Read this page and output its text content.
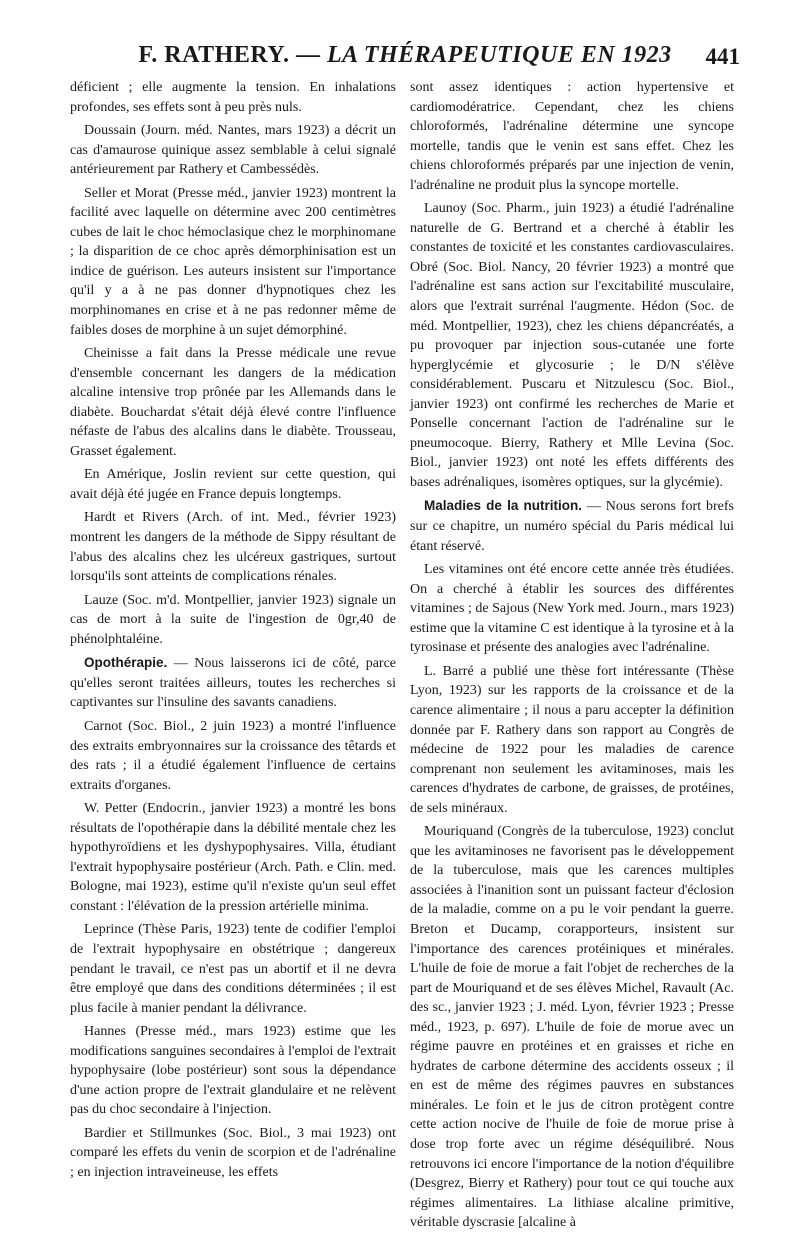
F. RATHERY. — LA THÉRAPEUTIQUE EN 1923	441

déficient ; elle augmente la tension. En inhalations profondes, ses effets sont à peu près nuls.

Doussain (Journ. méd. Nantes, mars 1923) a décrit un cas d'amaurose quinique assez semblable à celui signalé antérieurement par Rathery et Cambessédès.

Seller et Morat (Presse méd., janvier 1923) montrent la facilité avec laquelle on détermine avec 200 centimètres cubes de lait le choc hémoclasique chez le morphinomane ; la disparition de ce choc après démorphinisation est un indice de guérison. Les auteurs insistent sur l'importance qu'il y a à ne pas donner d'hypnotiques chez les morphinomanes en crise et à ne pas redonner même de faibles doses de morphine à un sujet démorphiné.

Cheinisse a fait dans la Presse médicale une revue d'ensemble concernant les dangers de la médication alcaline intensive trop prônée par les Allemands dans le diabète. Bouchardat s'était déjà élevé contre l'influence néfaste de l'abus des alcalins dans le diabète. Trousseau, Grasset également.

En Amérique, Joslin revient sur cette question, qui avait déjà été jugée en France depuis longtemps.

Hardt et Rivers (Arch. of int. Med., février 1923) montrent les dangers de la méthode de Sippy résultant de l'abus des alcalins chez les ulcéreux gastriques, surtout lorsqu'ils sont atteints de complications rénales.

Lauze (Soc. m'd. Montpellier, janvier 1923) signale un cas de mort à la suite de l'ingestion de 0gr,40 de phénolphtaléine.

Opothérapie. — Nous laisserons ici de côté, parce qu'elles seront traitées ailleurs, toutes les recherches si captivantes sur l'insuline des savants canadiens.

Carnot (Soc. Biol., 2 juin 1923) a montré l'influence des extraits embryonnaires sur la croissance des têtards et des rats ; il a étudié également l'influence de certains extraits d'organes.

W. Petter (Endocrin., janvier 1923) a montré les bons résultats de l'opothérapie dans la débilité mentale chez les hypothyroïdiens et les dyshypophysaires. Villa, étudiant l'extrait hypophysaire postérieur (Arch. Path. e Clin. med. Bologne, mai 1923), estime qu'il n'existe qu'un seul effet constant : l'élévation de la pression artérielle minima.

Leprince (Thèse Paris, 1923) tente de codifier l'emploi de l'extrait hypophysaire en obstétrique ; dangereux pendant le travail, ce n'est pas un abortif et il ne devra être employé que dans des conditions déterminées ; il est plus facile à manier pendant la délivrance.

Hannes (Presse méd., mars 1923) estime que les modifications sanguines secondaires à l'emploi de l'extrait hypophysaire (lobe postérieur) sont sous la dépendance d'une action propre de l'extrait glandulaire et ne relèvent pas du choc secondaire à l'injection.

Bardier et Stillmunkes (Soc. Biol., 3 mai 1923) ont comparé les effets du venin de scorpion et de l'adrénaline ; en injection intraveineuse, les effets

sont assez identiques : action hypertensive et cardiomodératrice. Cependant, chez les chiens chloroformés, l'adrénaline détermine une syncope mortelle, tandis que le venin est sans effet. Chez les chiens chloroformés préparés par une injection de venin, l'adrénaline ne produit plus la syncope mortelle.

Launoy (Soc. Pharm., juin 1923) a étudié l'adrénaline naturelle de G. Bertrand et a cherché à établir les constantes de toxicité et les constantes cardiovasculaires. Obré (Soc. Biol. Nancy, 20 février 1923) a montré que l'adrénaline est sans action sur l'excitabilité musculaire, alors que l'extrait surrénal l'augmente. Hédon (Soc. de méd. Montpellier, 1923), chez les chiens dépancréatés, a pu provoquer par injection sous-cutanée une forte hyperglycémie et glycosurie ; le D/N s'élève considérablement. Puscaru et Nitzulescu (Soc. Biol., janvier 1923) ont confirmé les recherches de Marie et Ponselle concernant l'action de l'adrénaline sur le pneumocoque. Bierry, Rathery et Mlle Levina (Soc. Biol., janvier 1923) ont noté les effets différents des bases adrénaliques, isomères optiques, sur la glycémie).

Maladies de la nutrition. — Nous serons fort brefs sur ce chapitre, un numéro spécial du Paris médical lui étant réservé.

Les vitamines ont été encore cette année très étudiées. On a cherché à établir les sources des différentes vitamines ; de Sajous (New York med. Journ., mars 1923) estime que la vitamine C est identique à la tyrosine et à la tyrosinase et présente des analogies avec l'adrénaline.

L. Barré a publié une thèse fort intéressante (Thèse Lyon, 1923) sur les rapports de la croissance et de la carence alimentaire ; il nous a paru accepter la définition donnée par F. Rathery dans son rapport au Congrès de médecine de 1922 pour les maladies de carence comprenant non seulement les avitaminoses, mais les carences d'hydrates de carbone, de graisses, de protéines, de sels minéraux.

Mouriquand (Congrès de la tuberculose, 1923) conclut que les avitaminoses ne favorisent pas le développement de la tuberculose, mais que les carences multiples associées à l'inanition sont un puissant facteur d'éclosion de la maladie, comme on a pu le voir pendant la guerre. Breton et Ducamp, corapporteurs, insistent sur l'importance des carences protéiniques et minérales. L'huile de foie de morue a fait l'objet de recherches de la part de Mouriquand et de ses élèves Michel, Ravault (Ac. des sc., janvier 1923 ; J. méd. Lyon, février 1923 ; Presse méd., 1923, p. 697). L'huile de foie de morue avec un régime pauvre en protéines et en graisses et riche en hydrates de carbone détermine des accidents osseux ; il en est de même des régimes pauvres en substances minérales. Le foin et le jus de citron protègent contre cette action nocive de l'huile de foie de morue prise à dose trop forte avec un régime déséquilibré. Nous retrouvons ici encore l'importance de la notion d'équilibre (Desgrez, Bierry et Rathery) pour tout ce qui touche aux régimes alimentaires. La lithiase alcaline primitive, véritable dyscrasie [alcaline à
